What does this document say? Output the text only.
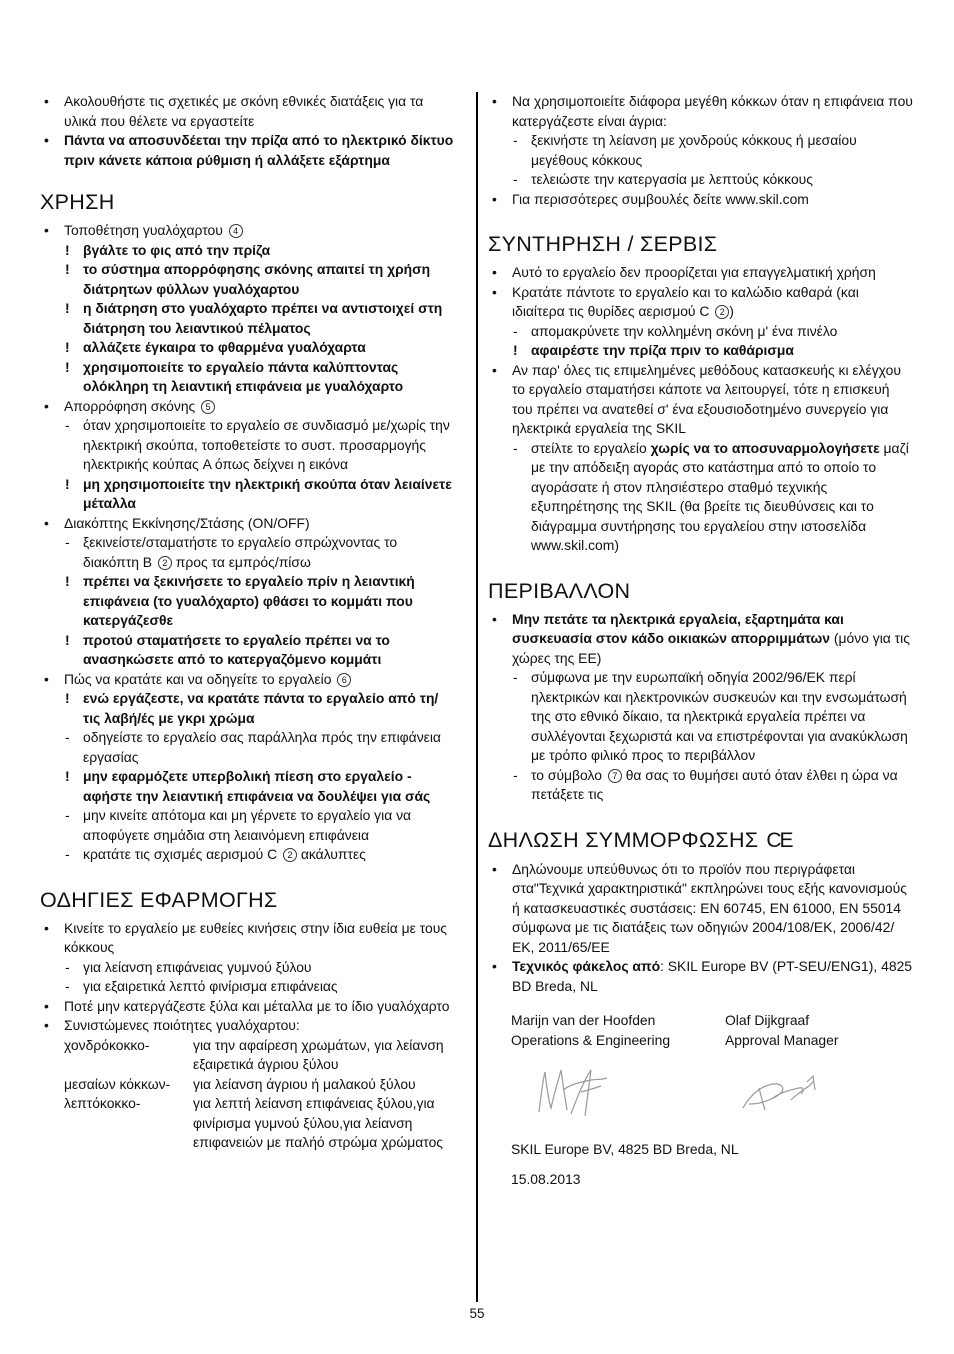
• Ακολουθήστε τις σχετικές με σκόνη εθνικές διατάξεις για τα υλικά που θέλετε να εργαστείτε
• Πάντα να αποσυνδέεται την πρίζα από το ηλεκτρικό δίκτυο πριν κάνετε κάποια ρύθμιση ή αλλάξετε εξάρτημα
ΧΡΗΣΗ
• Τοποθέτηση γυαλόχαρτου 4
! βγάλτε το φις από την πρίζα
! το σύστημα απορρόφησης σκόνης απαιτεί τη χρήση διάτρητων φύλλων γυαλόχαρτου
! η διάτρηση στο γυαλόχαρτο πρέπει να αντιστοιχεί στη διάτρηση του λειαντικού πέλματος
! αλλάζετε έγκαιρα το φθαρμένα γυαλόχαρτα
! χρησιμοποιείτε το εργαλείο πάντα καλύπτοντας ολόκληρη τη λειαντική επιφάνεια με γυαλόχαρτο
• Απορρόφηση σκόνης 5
- όταν χρησιμοποιείτε το εργαλείο σε συνδιασμό με/χωρίς την ηλεκτρική σκούπα, τοποθετείστε το συστ. προσαρμογής ηλεκτρικής κούπας A όπως δείχνει η εικόνα
! μη χρησιμοποιείτε την ηλεκτρική σκούπα όταν λειαίνετε μέταλλα
• Διακόπτης Εκκίνησης/Στάσης (ON/OFF)
- ξεκινείστε/σταματήστε το εργαλείο σπρώχνοντας το διακόπτη B 2 προς τα εμπρός/πίσω
! πρέπει να ξεκινήσετε το εργαλείο πρίν η λειαντική επιφάνεια (το γυαλόχαρτο) φθάσει το κομμάτι που κατεργάζεσθε
! προτού σταματήσετε το εργαλείο πρέπει να το ανασηκώσετε από το κατεργαζόμενο κομμάτι
• Πώς να κρατάτε και να οδηγείτε το εργαλείο 6
! ενώ εργάζεστε, να κρατάτε πάντα το εργαλείο από τη/τις λαβή/ές με γκρι χρώμα
- οδηγείστε το εργαλείο σας παράλληλα πρός την επιφάνεια εργασίας
! μην εφαρμόζετε υπερβολική πίεση στο εργαλείο - αφήστε την λειαντική επιφάνεια να δουλέψει για σάς
- μην κινείτε απότομα και μη γέρνετε το εργαλείο για να αποφύγετε σημάδια στη λειαινόμενη επιφάνεια
- κρατάτε τις σχισμές αερισμού C 2 ακάλυπτες
ΟΔΗΓΙΕΣ ΕΦΑΡΜΟΓΗΣ
• Κινείτε το εργαλείο με ευθείες κινήσεις στην ίδια ευθεία με τους κόκκους
- για λείανση επιφάνειας γυμνού ξύλου
- για εξαιρετικά λεπτό φινίρισμα επιφάνειας
• Ποτέ μην κατεργάζεστε ξύλα και μέταλλα με το ίδιο γυαλόχαρτο
• Συνιστώμενες ποιότητες γυαλόχαρτου:
χονδρόκοκκο-	για την αφαίρεση χρωμάτων, για λείανση εξαιρετικά άγριου ξύλου
μεσαίων κόκκων-	για λείανση άγριου ή μαλακού ξύλου
λεπτόκοκκο-	για λεπτή λείανση επιφάνειας ξύλου,για φινίρισμα γυμνού ξύλου,για λείανση επιφανειών με παλήό στρώμα χρώματος
• Να χρησιμοποιείτε διάφορα μεγέθη κόκκων όταν η επιφάνεια που κατεργάζεστε είναι άγρια:
- ξεκινήστε τη λείανση με χονδρούς κόκκους ή μεσαίου μεγέθους κόκκους
- τελειώστε την κατεργασία με λεπτούς κόκκους
• Για περισσότερες συμβουλές δείτε www.skil.com
ΣΥΝΤΗΡΗΣΗ / ΣΕΡΒΙΣ
• Αυτό το εργαλείο δεν προορίζεται για επαγγελματική χρήση
• Κρατάτε πάντοτε το εργαλείο και το καλώδιο καθαρά (και ιδιαίτερα τις θυρίδες αερισμού C 2 )
- απομακρύνετε την κολλημένη σκόνη μ' ένα πινέλο
! αφαιρέστε την πρίζα πριν το καθάρισμα
• Αν παρ' όλες τις επιμελημένες μεθόδους κατασκευής κι ελέγχου το εργαλείο σταματήσει κάποτε να λειτουργεί, τότε η επισκευή του πρέπει να ανατεθεί σ' ένα εξουσιοδοτημένο συνεργείο για ηλεκτρικά εργαλεία της SKIL
- στείλτε το εργαλείο χωρίς να το αποσυναρμολογήσετε μαζί με την απόδειξη αγοράς στο κατάστημα από το οποίο το αγοράσατε ή στον πλησιέστερο σταθμό τεχνικής εξυπηρέτησης της SKIL (θα βρείτε τις διευθύνσεις και το διάγραμμα συντήρησης του εργαλείου στην ιστοσελίδα www.skil.com)
ΠΕΡΙΒΑΛΛΟΝ
• Μην πετάτε τα ηλεκτρικά εργαλεία, εξαρτημάτα και συσκευασία στον κάδο οικιακών απορριμμάτων (μόνο για τις χώρες της ΕΕ)
- σύμφωνα με την ευρωπαϊκή οδηγία 2002/96/ΕΚ περί ηλεκτρικών και ηλεκτρονικών συσκευών και την ενσωμάτωσή της στο εθνικό δίκαιο, τα ηλεκτρικά εργαλεία πρέπει να συλλέγονται ξεχωριστά και να επιστρέφονται για ανακύκλωση με τρόπο φιλικό προς το περιβάλλον
- το σύμβολο 7 θα σας το θυμήσει αυτό όταν έλθει η ώρα να πετάξετε τις
ΔΗΛΩΣΗ ΣΥΜΜΟΡΦΩΣΗΣ CE
• Δηλώνουμε υπεύθυνως ότι το προϊόν που περιγράφεται στα"Τεχνικά χαρακτηριστικά" εκπληρώνει τους εξής κανονισμούς ή κατασκευαστικές συστάσεις: EN 60745, EN 61000, EN 55014 σύμφωνα με τις διατάξεις των οδηγιών 2004/108/ΕΚ, 2006/42/ΕΚ, 2011/65/ΕΕ
• Τεχνικός φάκελος από: SKIL Europe BV (PT-SEU/ENG1), 4825 BD Breda, NL
Marijn van der Hoofden
Operations & Engineering
Olaf Dijkgraaf
Approval Manager
SKIL Europe BV, 4825 BD Breda, NL
15.08.2013
55
